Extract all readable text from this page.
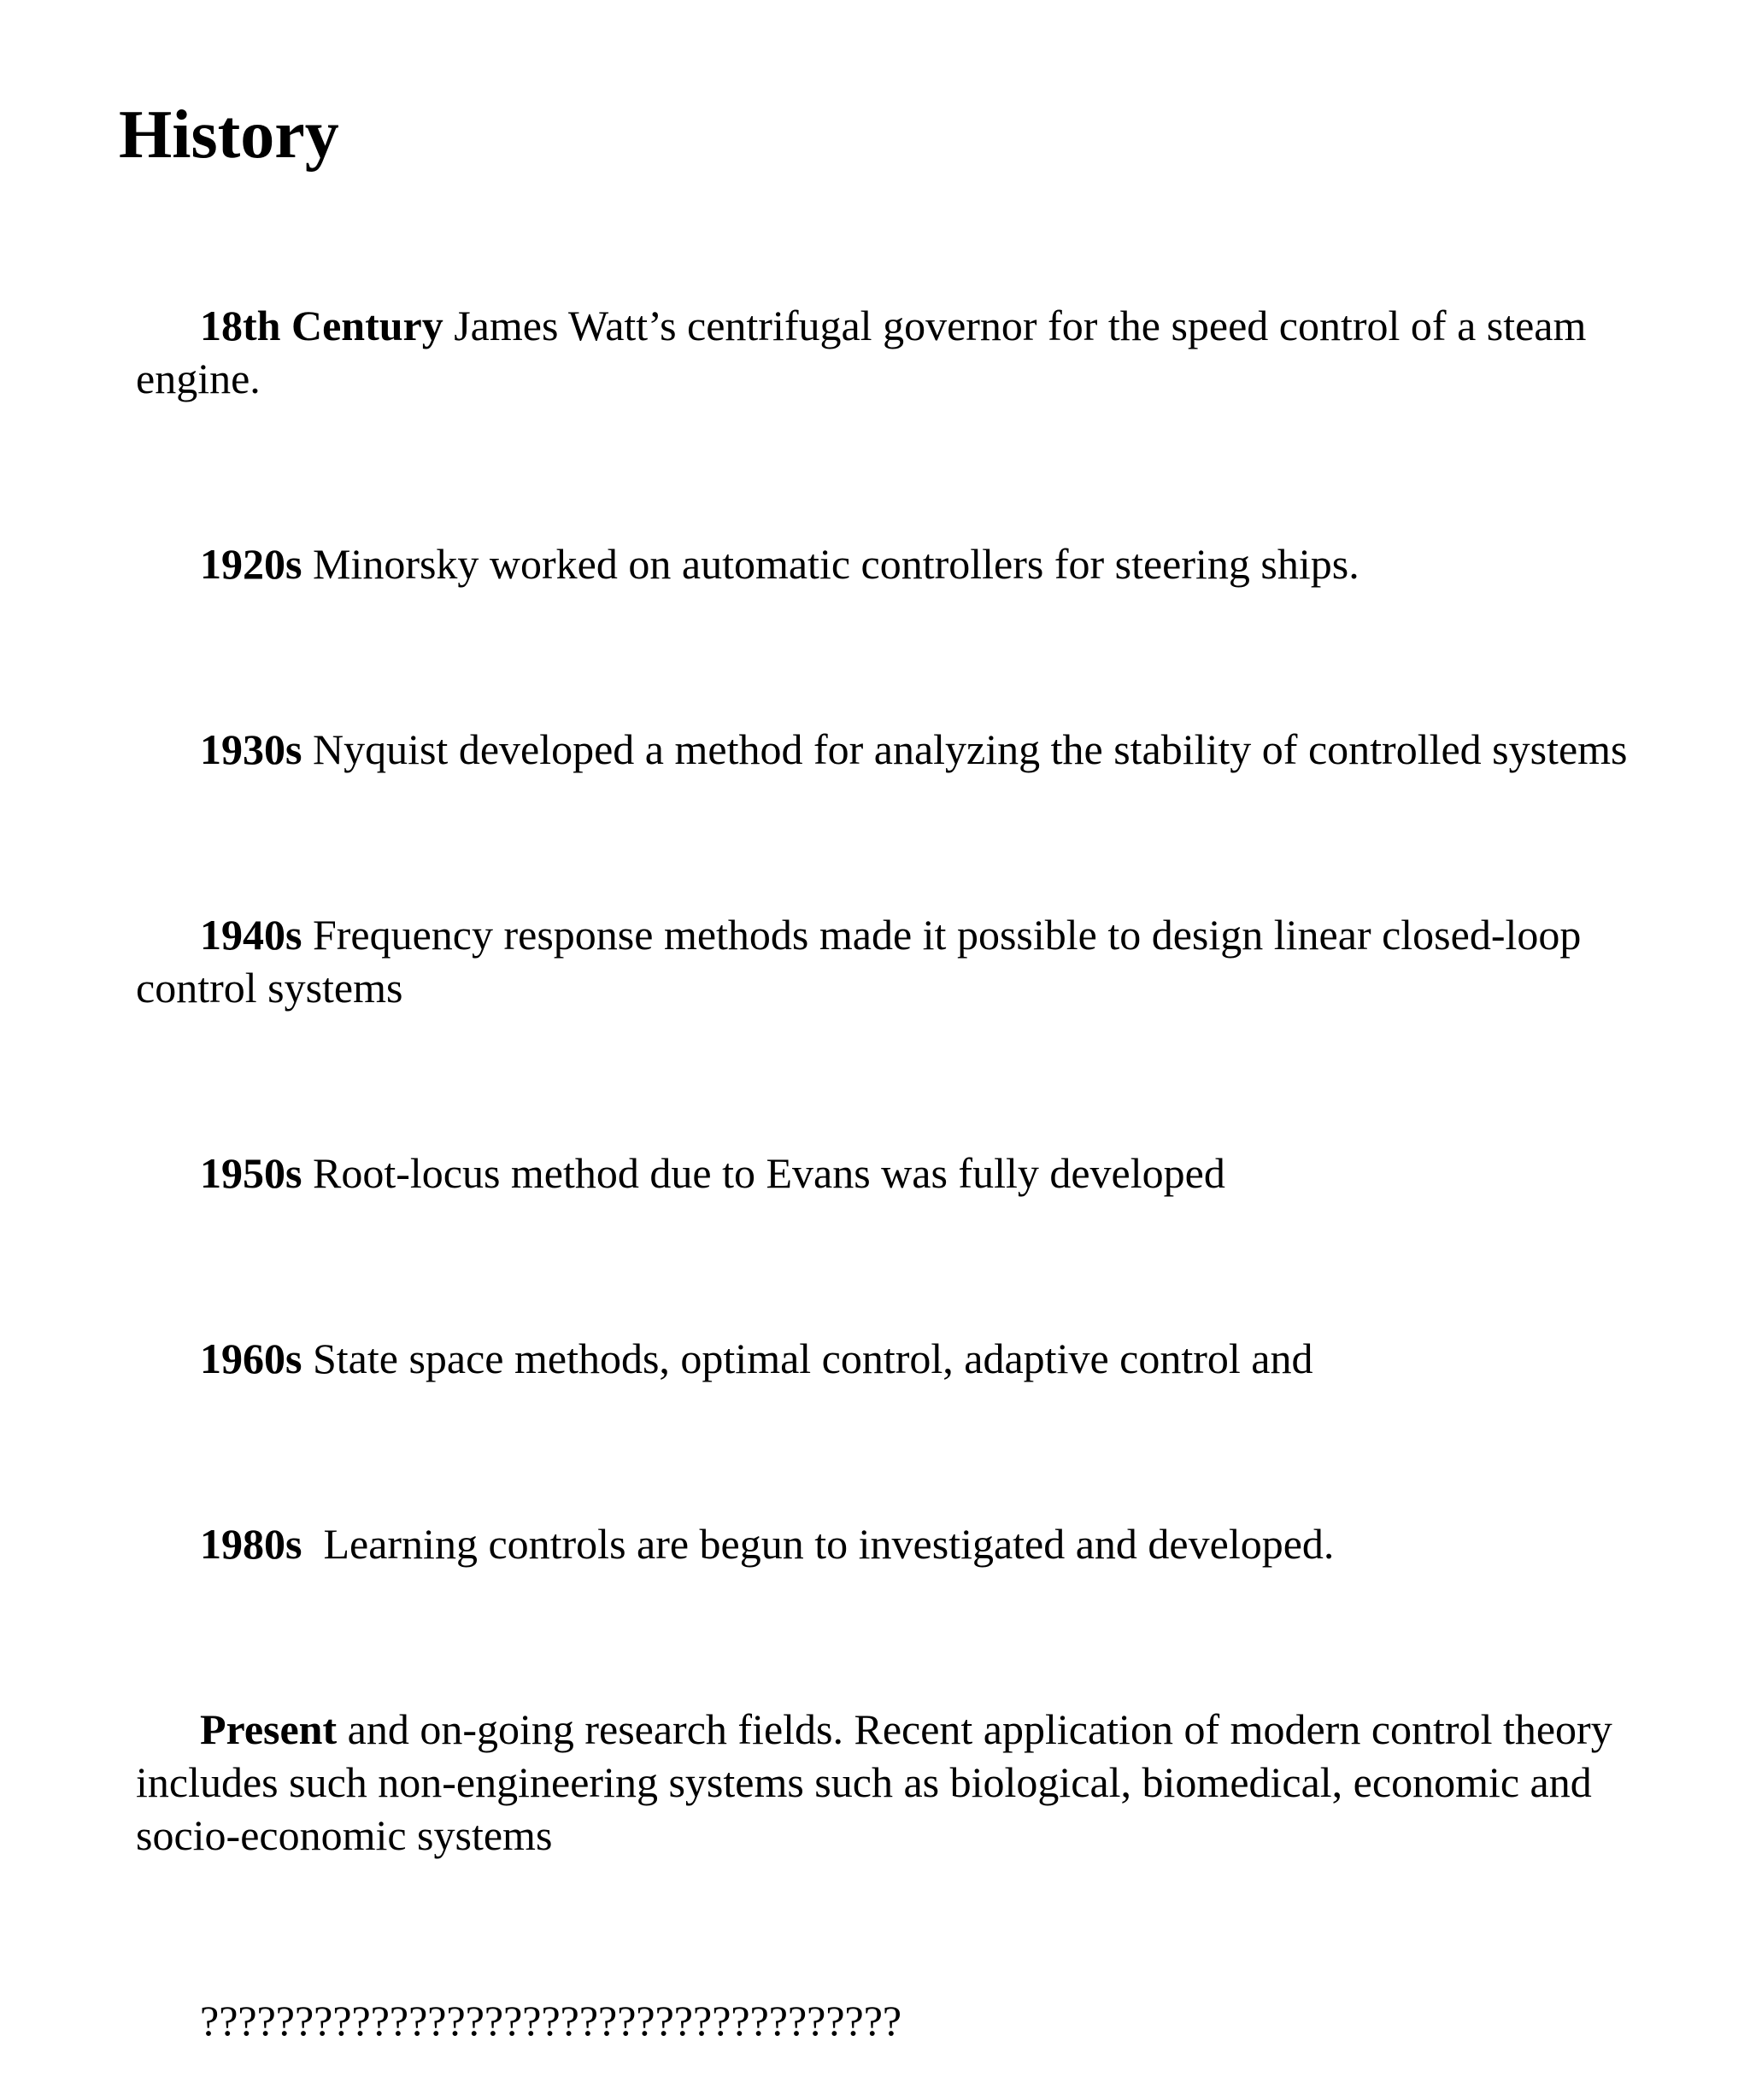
History

18th Century James Watt’s centrifugal governor for the speed control of a steam engine.

1920s Minorsky worked on automatic controllers for steering ships.

1930s Nyquist developed a method for analyzing the stability of controlled systems

1940s Frequency response methods made it possible to design linear closed-loop control systems

1950s Root-locus method due to Evans was fully developed

1960s State space methods, optimal control, adaptive control and

1980s  Learning controls are begun to investigated and developed.

Present and on-going research fields. Recent application of modern control theory includes such non-engineering systems such as biological, biomedical, economic and socio-economic systems

?????????????????????????????????????
